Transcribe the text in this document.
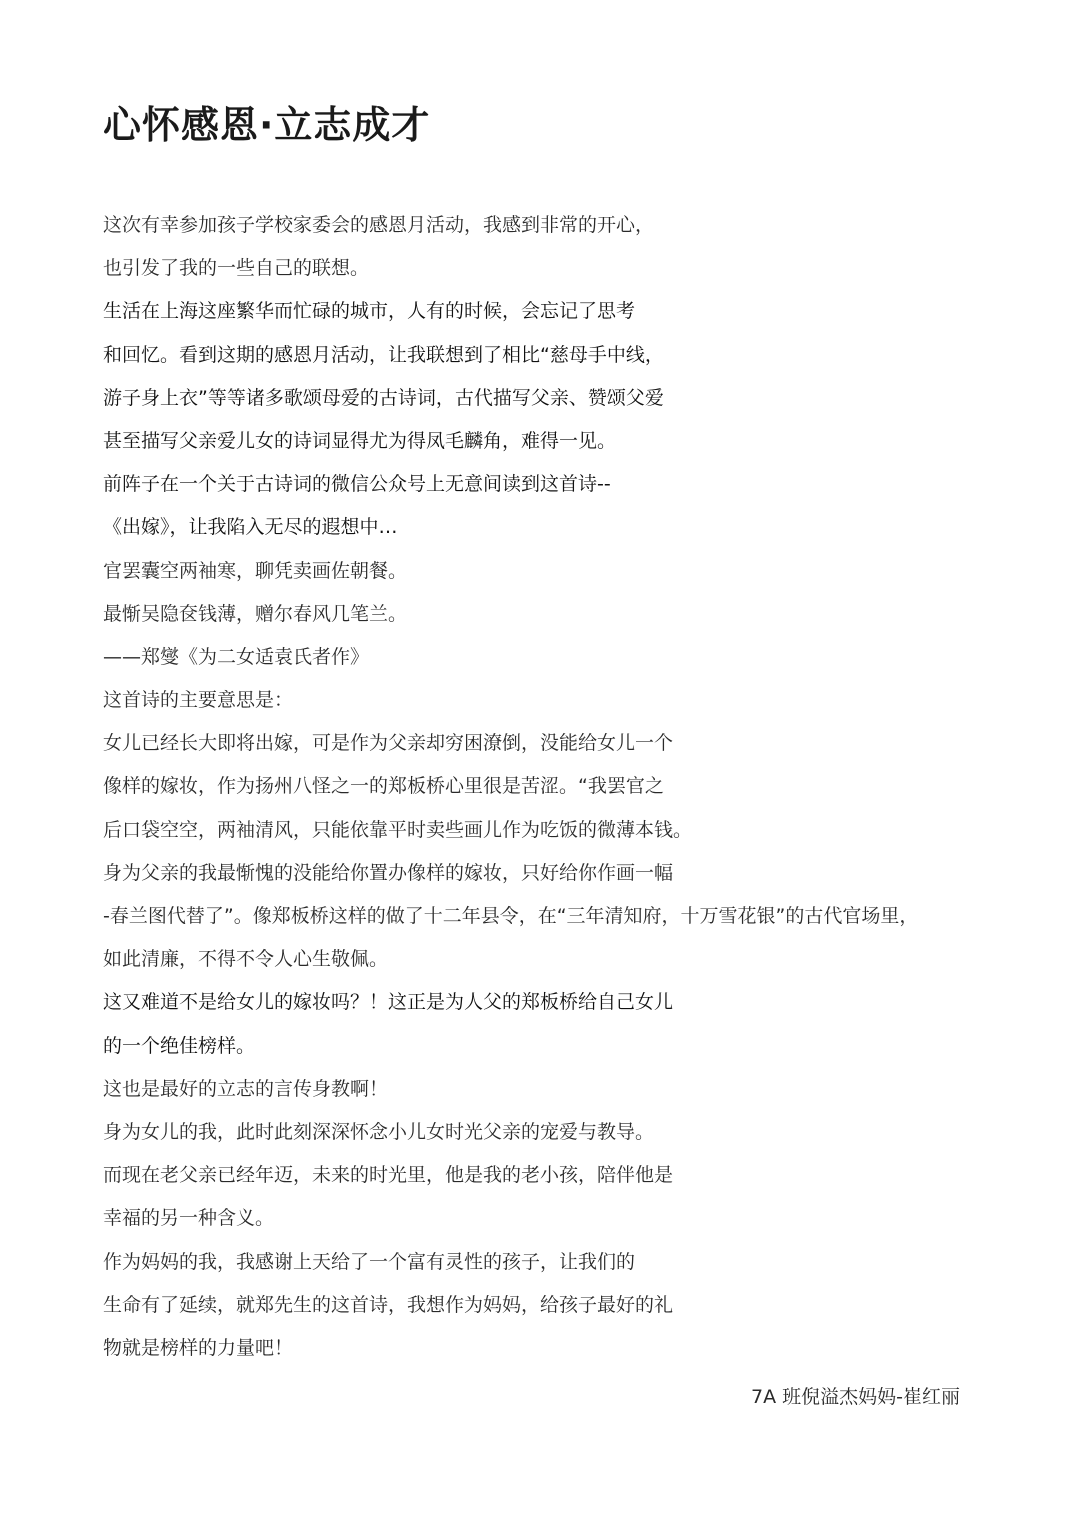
心怀感恩·立志成才
这次有幸参加孩子学校家委会的感恩月活动，我感到非常的开心，
也引发了我的一些自己的联想。
生活在上海这座繁华而忙碌的城市，人有的时候，会忘记了思考
和回忆。看到这期的感恩月活动，让我联想到了相比“慈母手中线，
游子身上衣”等等诸多歌颂母爱的古诗词，古代描写父亲、赞颂父爱
甚至描写父亲爱儿女的诗词显得尤为得凤毛麟角，难得一见。
前阵子在一个关于古诗词的微信公众号上无意间读到这首诗--
《出嫁》，让我陷入无尽的遐想中…
官罢囊空两袖寒，聊凭卖画佐朝餐。
最惭吴隐奁钱薄，赠尔春风几笔兰。
——郑燮《为二女适袁氏者作》
这首诗的主要意思是：
女儿已经长大即将出嫁，可是作为父亲却穷困潦倒，没能给女儿一个
像样的嫁妆，作为扬州八怪之一的郑板桥心里很是苦涩。“我罢官之
后口袋空空，两袖清风，只能依靠平时卖些画儿作为吃饭的微薄本钱。
身为父亲的我最惭愧的没能给你置办像样的嫁妆，只好给你作画一幅
-春兰图代替了”。像郑板桥这样的做了十二年县令，在“三年清知府，十万雪花银”的古代官场里，
如此清廉，不得不令人心生敬佩。
这又难道不是给女儿的嫁妆吗？！这正是为人父的郑板桥给自己女儿
的一个绝佳榜样。
这也是最好的立志的言传身教啊！
身为女儿的我，此时此刻深深怀念小儿女时光父亲的宠爱与教导。
而现在老父亲已经年迈，未来的时光里，他是我的老小孩，陪伴他是
幸福的另一种含义。
作为妈妈的我，我感谢上天给了一个富有灵性的孩子，让我们的
生命有了延续，就郑先生的这首诗，我想作为妈妈，给孩子最好的礼
物就是榜样的力量吧！
7A 班倪溢杰妈妈-崔红丽
